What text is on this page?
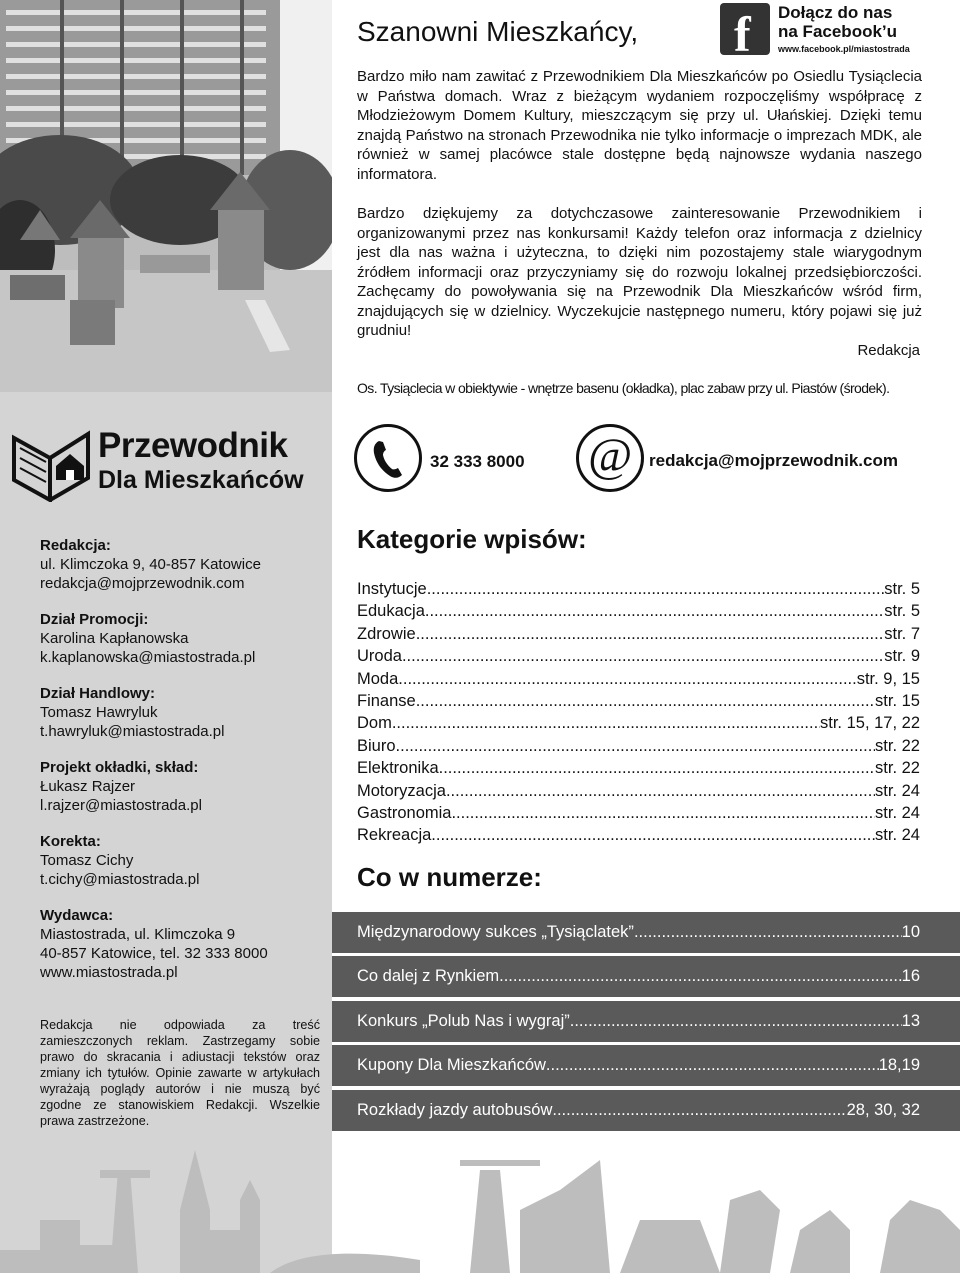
Przewodnik
Dla Mieszkańców
Redakcja:
ul. Klimczoka 9, 40-857 Katowice
redakcja@mojprzewodnik.com
Dział Promocji:
Karolina Kapłanowska
k.kaplanowska@miastostrada.pl
Dział Handlowy:
Tomasz Hawryluk
t.hawryluk@miastostrada.pl
Projekt okładki, skład:
Łukasz Rajzer
l.rajzer@miastostrada.pl
Korekta:
Tomasz Cichy
t.cichy@miastostrada.pl
Wydawca:
Miastostrada, ul. Klimczoka 9
40-857 Katowice, tel. 32 333 8000
www.miastostrada.pl
Redakcja nie odpowiada za treść zamieszczonych reklam. Zastrzegamy sobie prawo do skracania i adiustacji tekstów oraz zmiany ich tytułów. Opinie zawarte w artykułach wyrażają poglądy autorów i nie muszą być zgodne ze stanowiskiem Redakcji. Wszelkie prawa zastrzeżone.
Szanowni Mieszkańcy, f Dołącz do nas
na Facebook’u
www.facebook.pl/miastostrada

Bardzo miło nam zawitać z Przewodnikiem Dla Mieszkańców po Osiedlu Tysiąclecia w Państwa domach. Wraz z bieżącym wydaniem rozpoczęliśmy współpracę z Młodzieżowym Domem Kultury, mieszczącym się przy ul. Ułańskiej. Dzięki temu znajdą Państwo na stronach Przewodnika nie tylko informacje o imprezach MDK, ale również w samej placówce stale dostępne będą najnowsze wydania naszego informatora.

Bardzo dziękujemy za dotychczasowe zainteresowanie Przewodnikiem i organizowanymi przez nas konkursami! Każdy telefon oraz informacja z dzielnicy jest dla nas ważna i użyteczna, to dzięki nim pozostajemy stale wiarygodnym źródłem informacji oraz przyczyniamy się do rozwoju lokalnej przedsiębiorczości. Zachęcamy do powoływania się na Przewodnik Dla Mieszkańców wśród firm, znajdujących się w dzielnicy. Wyczekujcie następnego numeru, który pojawi się już grudniu!

Redakcja
Os. Tysiąclecia w obiektywie - wnętrze basenu (okładka), plac zabaw przy ul. Piastów (środek).
32 333 8000 @ redakcja@mojprzewodnik.com
Kategorie wpisów:
Instytucje .....	str. 5
Edukacja .....	str. 5
Zdrowie .....	str. 7
Uroda .....	str. 9
Moda .....	str. 9, 15
Finanse .....	str. 15
Dom .....	str. 15, 17, 22
Biuro .....	str. 22
Elektronika .....	str. 22
Motoryzacja .....	str. 24
Gastronomia .....	str. 24
Rekreacja .....	str. 24
Co w numerze:
Międzynarodowy sukces „Tysiąclatek” .....	10
Co dalej z Rynkiem .....	16
Konkurs „Polub Nas i wygraj” .....	13
Kupony Dla Mieszkańców .....	18,19
Rozkłady jazdy autobusów .....	28, 30, 32
